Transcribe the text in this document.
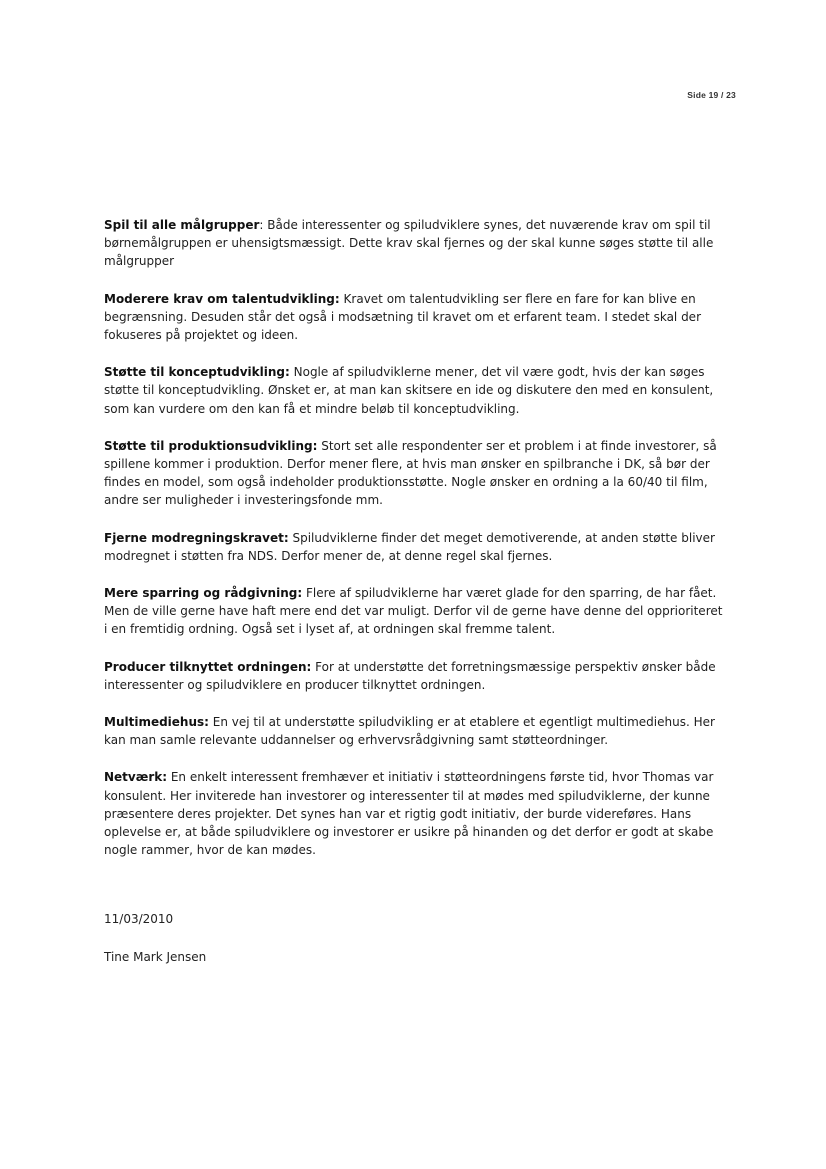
Side 19 / 23

Spil til alle målgrupper: Både interessenter og spiludviklere synes, det nuværende krav om spil til børnemålgruppen er uhensigtsmæssigt. Dette krav skal fjernes og der skal kunne søges støtte til alle målgrupper

Moderere krav om talentudvikling: Kravet om talentudvikling ser flere en fare for kan blive en begrænsning. Desuden står det også i modsætning til kravet om et erfarent team. I stedet skal der fokuseres på projektet og ideen.

Støtte til konceptudvikling: Nogle af spiludviklerne mener, det vil være godt, hvis der kan søges støtte til konceptudvikling. Ønsket er, at man kan skitsere en ide og diskutere den med en konsulent, som kan vurdere om den kan få et mindre beløb til konceptudvikling.

Støtte til produktionsudvikling: Stort set alle respondenter ser et problem i at finde investorer, så spillene kommer i produktion. Derfor mener flere, at hvis man ønsker en spilbranche i DK, så bør der findes en model, som også indeholder produktionsstøtte. Nogle ønsker en ordning a la 60/40 til film, andre ser muligheder i investeringsfonde mm.

Fjerne modregningskravet: Spiludviklerne finder det meget demotiverende, at anden støtte bliver modregnet i støtten fra NDS. Derfor mener de, at denne regel skal fjernes.

Mere sparring og rådgivning: Flere af spiludviklerne har været glade for den sparring, de har fået. Men de ville gerne have haft mere end det var muligt. Derfor vil de gerne have denne del opprioriteret i en fremtidig ordning. Også set i lyset af, at ordningen skal fremme talent.

Producer tilknyttet ordningen: For at understøtte det forretningsmæssige perspektiv ønsker både interessenter og spiludviklere en producer tilknyttet ordningen.

Multimediehus: En vej til at understøtte spiludvikling er at etablere et egentligt multimediehus. Her kan man samle relevante uddannelser og erhvervsrådgivning samt støtteordninger.

Netværk: En enkelt interessent fremhæver et initiativ i støtteordningens første tid, hvor Thomas var konsulent. Her inviterede han investorer og interessenter til at mødes med spiludviklerne, der kunne præsentere deres projekter. Det synes han var et rigtig godt initiativ, der burde videreføres. Hans oplevelse er, at både spiludviklere og investorer er usikre på hinanden og det derfor er godt at skabe nogle rammer, hvor de kan mødes.

11/03/2010
Tine Mark Jensen
